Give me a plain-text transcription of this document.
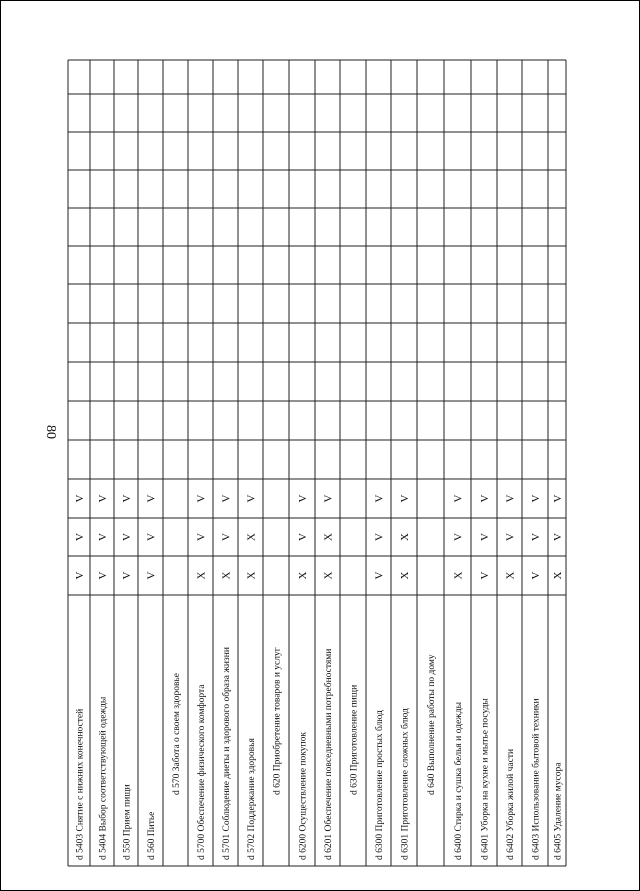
80
d 5403 Снятие с нижних конечностей
V
V
V
d 5404 Выбор соответствующей одежды
V
V
V
d 550 Прием пищи
V
V
V
d 560 Питье
V
V
V
d 570 Забота о своем здоровье d 5700 Обеспечение физического комфорта
X
V
V
d 5701 Соблюдение диеты и здорового образа жизни
X
V
V
d 5702 Поддержание здоровья
X
X
V
d 620 Приобретение товаров и услуг
d 6200 Осуществление покупок
X
V
V
d 6201 Обеспечение повседневными потребностями
X
X
V
d 630 Приготовление пищи d 6300 Приготовление простых блюд
V
V
V
d 6301 Приготовление сложных блюд
X
X
V
d 640 Выполнение работы по дому d 6400 Стирка и сушка белья и одежды
X
V
V
d 6401 Уборка на кухне и мытье посуды
V
V
V
d 6402 Уборка жилой части
X
V
V
d 6403 Использование бытовой техники
V
V
V
d 6405 Удаление мусора
X
V
V
